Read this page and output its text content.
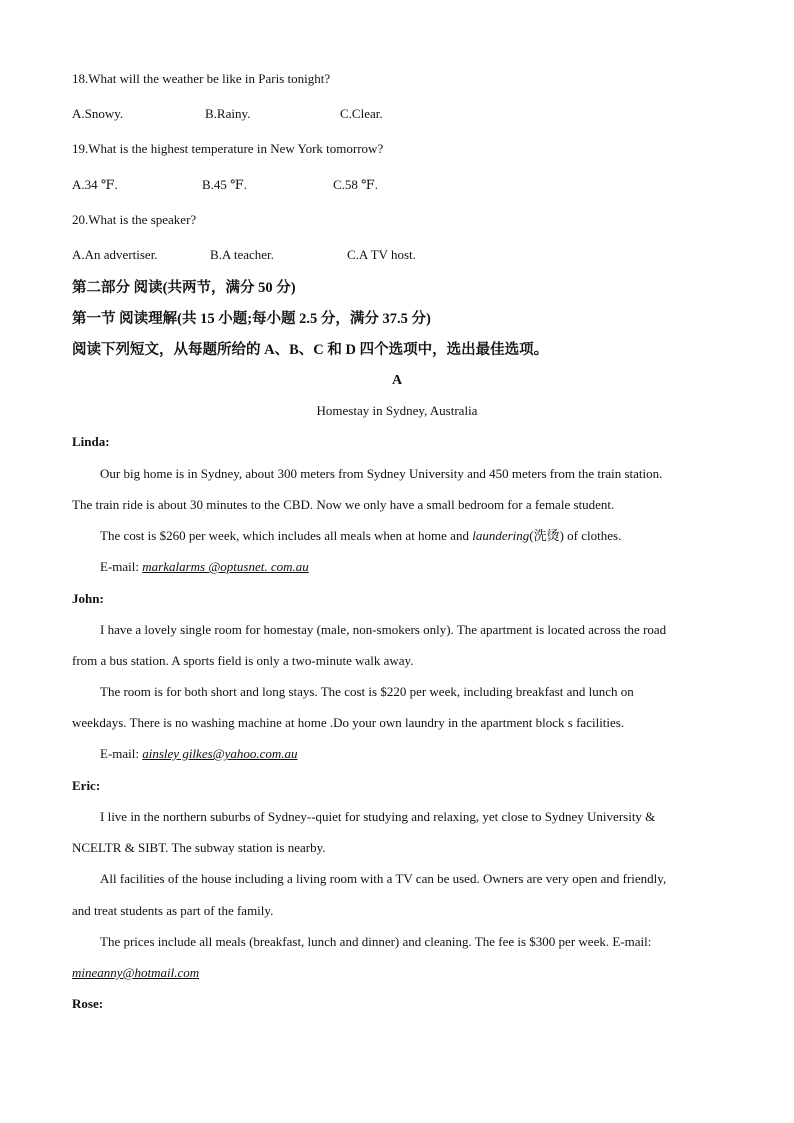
18.What will the weather be like in Paris tonight?
A.Snowy.	B.Rainy.	C.Clear.
19.What is the highest temperature in New York tomorrow?
A.34 ℉.	B.45 ℉.	C.58 ℉.
20.What is the speaker?
A.An advertiser.	B.A teacher.	C.A TV host.
第二部分 阅读(共两节，满分 50 分)
第一节 阅读理解(共 15 小题;每小题 2.5 分，满分 37.5 分)
阅读下列短文，从每题所给的 A、B、C 和 D 四个选项中，选出最佳选项。
A
Homestay in Sydney, Australia
Linda:
Our big home is in Sydney, about 300 meters from Sydney University and 450 meters from the train station.
The train ride is about 30 minutes to the CBD. Now we only have a small bedroom for a female student.
The cost is $260 per week, which includes all meals when at home and laundering(洗烫) of clothes.
E-mail: markalarms @optusnet. com.au
John:
I have a lovely single room for homestay (male, non-smokers only). The apartment is located across the road
from a bus station. A sports field is only a two-minute walk away.
The room is for both short and long stays. The cost is $220 per week, including breakfast and lunch on
weekdays. There is no washing machine at home .Do your own laundry in the apartment block s facilities.
E-mail: ainsley gilkes@yahoo.com.au
Eric:
I live in the northern suburbs of Sydney--quiet for studying and relaxing, yet close to Sydney University &
NCELTR & SIBT. The subway station is nearby.
All facilities of the house including a living room with a TV can be used. Owners are very open and friendly,
and treat students as part of the family.
The prices include all meals (breakfast, lunch and dinner) and cleaning. The fee is $300 per week. E-mail:
mineanny@hotmail.com
Rose:
